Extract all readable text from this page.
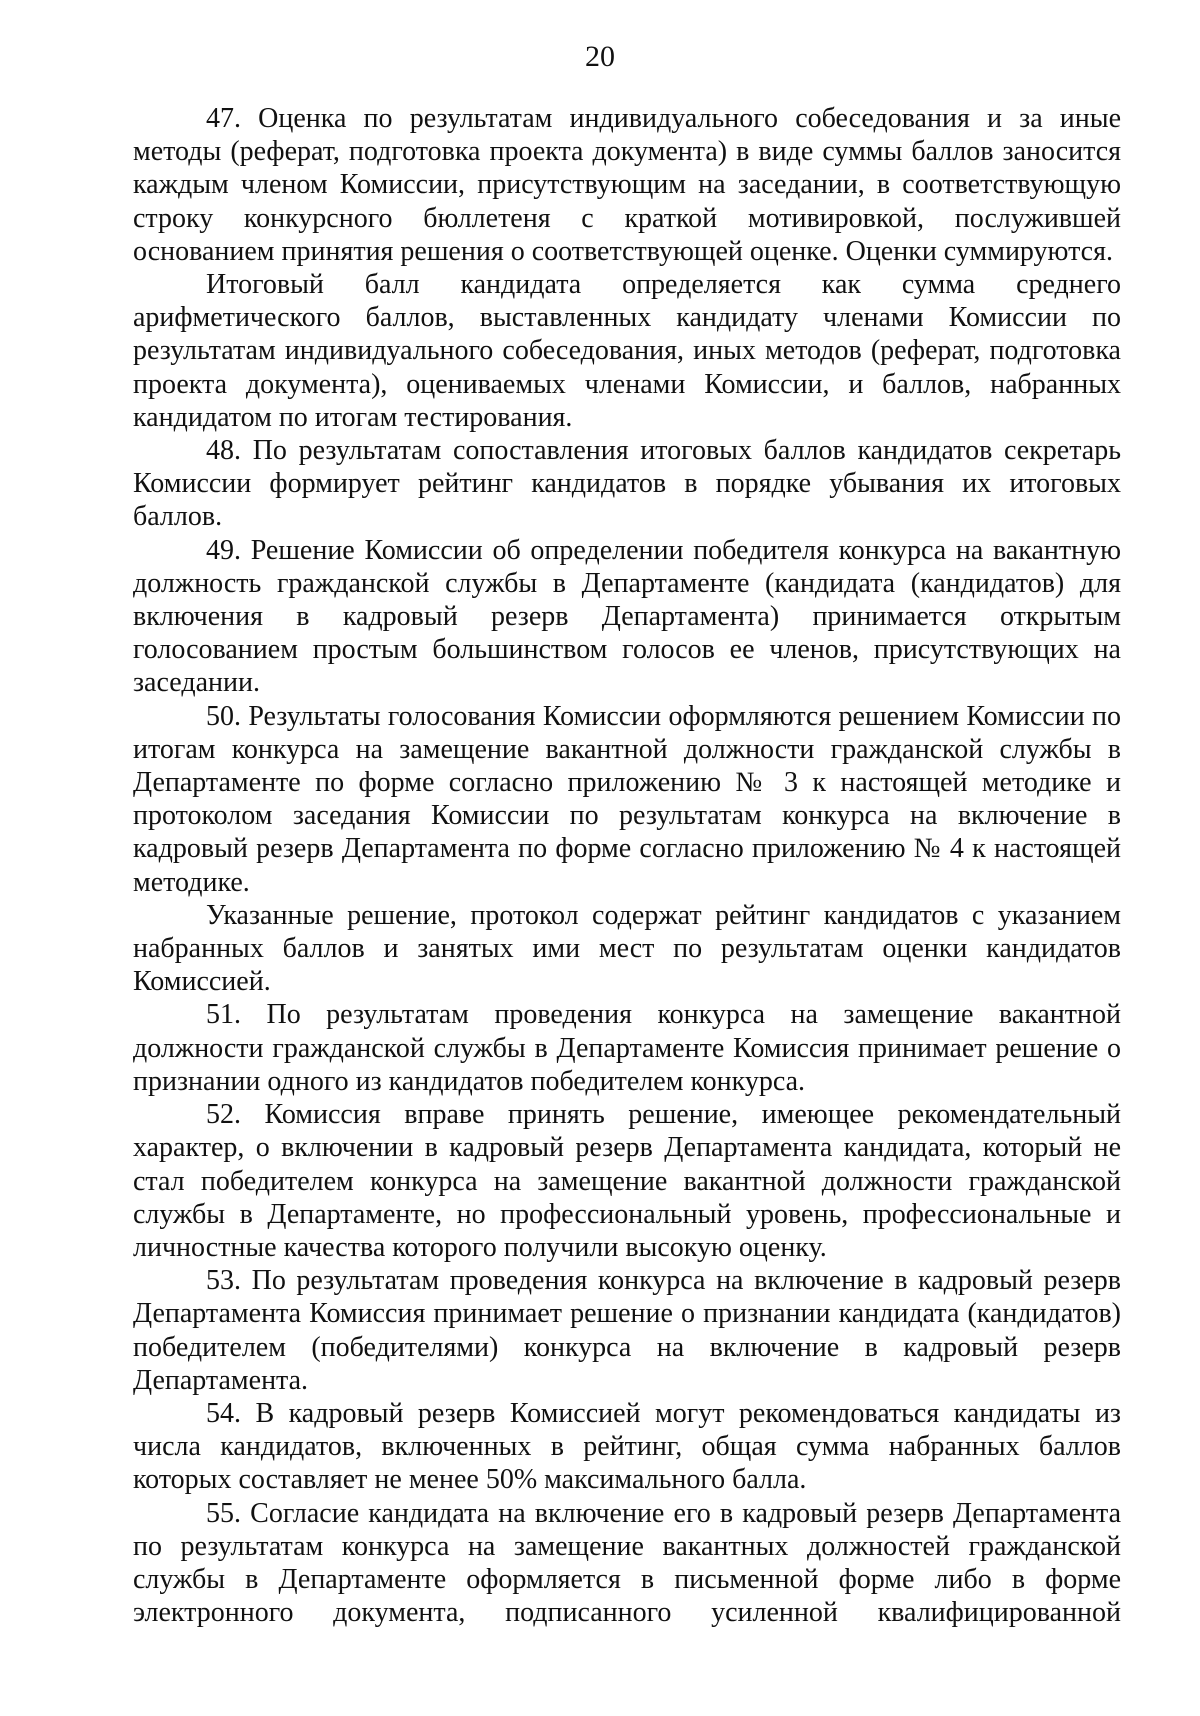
20

47. Оценка по результатам индивидуального собеседования и за иные методы (реферат, подготовка проекта документа) в виде суммы баллов заносится каждым членом Комиссии, присутствующим на заседании, в соответствующую строку конкурсного бюллетеня с краткой мотивировкой, послужившей основанием принятия решения о соответствующей оценке. Оценки суммируются.

Итоговый балл кандидата определяется как сумма среднего арифметического баллов, выставленных кандидату членами Комиссии по результатам индивидуального собеседования, иных методов (реферат, подготовка проекта документа), оцениваемых членами Комиссии, и баллов, набранных кандидатом по итогам тестирования.

48. По результатам сопоставления итоговых баллов кандидатов секретарь Комиссии формирует рейтинг кандидатов в порядке убывания их итоговых баллов.

49. Решение Комиссии об определении победителя конкурса на вакантную должность гражданской службы в Департаменте (кандидата (кандидатов) для включения в кадровый резерв Департамента) принимается открытым голосованием простым большинством голосов ее членов, присутствующих на заседании.

50. Результаты голосования Комиссии оформляются решением Комиссии по итогам конкурса на замещение вакантной должности гражданской службы в Департаменте по форме согласно приложению № 3 к настоящей методике и протоколом заседания Комиссии по результатам конкурса на включение в кадровый резерв Департамента по форме согласно приложению № 4 к настоящей методике.

Указанные решение, протокол содержат рейтинг кандидатов с указанием набранных баллов и занятых ими мест по результатам оценки кандидатов Комиссией.

51. По результатам проведения конкурса на замещение вакантной должности гражданской службы в Департаменте Комиссия принимает решение о признании одного из кандидатов победителем конкурса.

52. Комиссия вправе принять решение, имеющее рекомендательный характер, о включении в кадровый резерв Департамента кандидата, который не стал победителем конкурса на замещение вакантной должности гражданской службы в Департаменте, но профессиональный уровень, профессиональные и личностные качества которого получили высокую оценку.

53. По результатам проведения конкурса на включение в кадровый резерв Департамента Комиссия принимает решение о признании кандидата (кандидатов) победителем (победителями) конкурса на включение в кадровый резерв Департамента.

54. В кадровый резерв Комиссией могут рекомендоваться кандидаты из числа кандидатов, включенных в рейтинг, общая сумма набранных баллов которых составляет не менее 50% максимального балла.

55. Согласие кандидата на включение его в кадровый резерв Департамента по результатам конкурса на замещение вакантных должностей гражданской службы в Департаменте оформляется в письменной форме либо в форме электронного документа, подписанного усиленной квалифицированной
